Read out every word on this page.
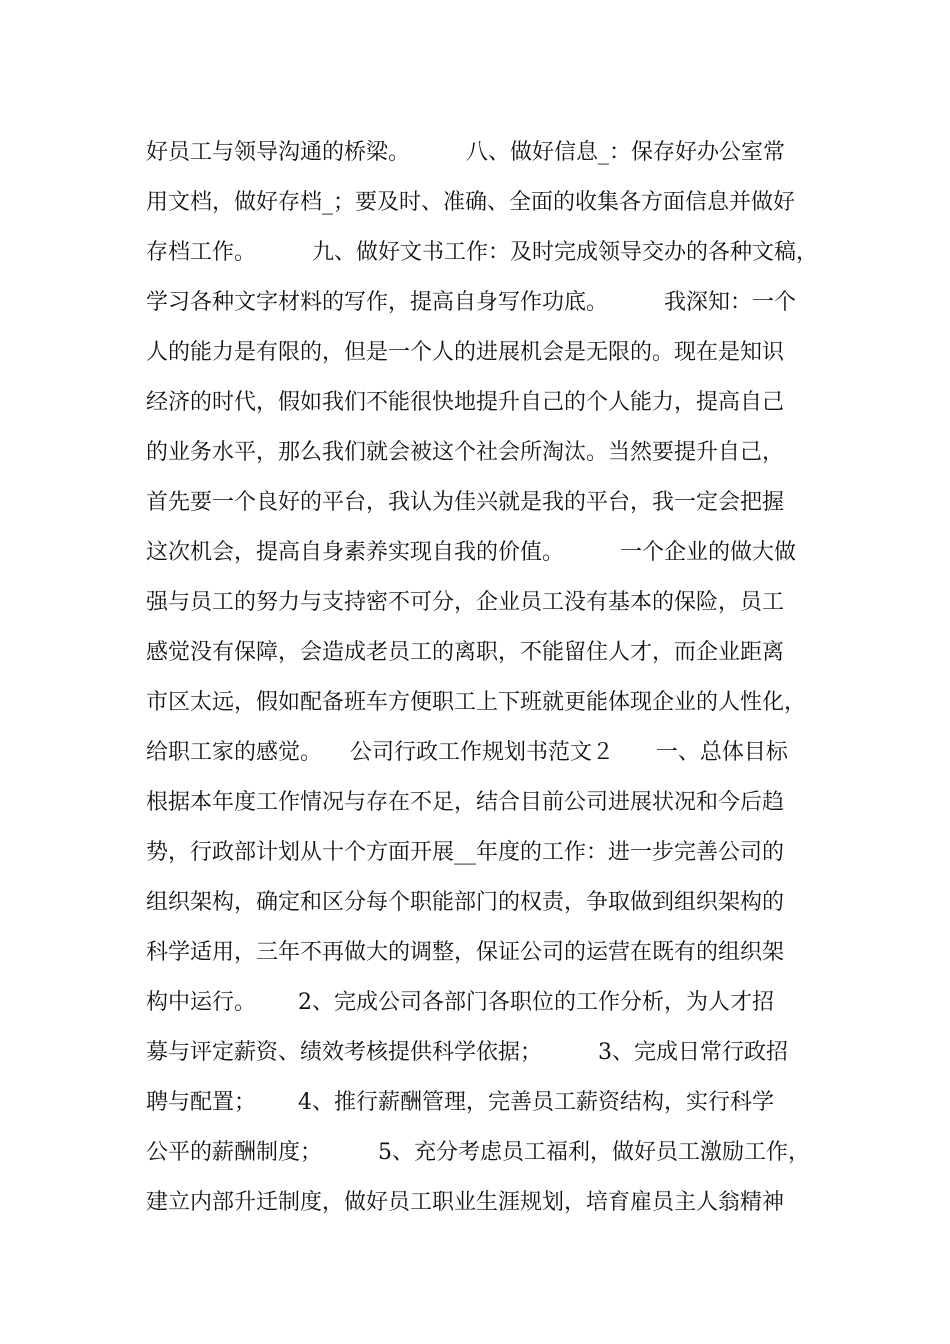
好员工与领导沟通的桥梁。        八、做好信息_：保存好办公室常
用文档，做好存档_；要及时、准确、全面的收集各方面信息并做好
存档工作。        九、做好文书工作：及时完成领导交办的各种文稿，
学习各种文字材料的写作，提高自身写作功底。        我深知：一个
人的能力是有限的，但是一个人的进展机会是无限的。现在是知识
经济的时代，假如我们不能很快地提升自己的个人能力，提高自己
的业务水平，那么我们就会被这个社会所淘汰。当然要提升自己，
首先要一个良好的平台，我认为佳兴就是我的平台，我一定会把握
这次机会，提高自身素养实现自我的价值。        一个企业的做大做
强与员工的努力与支持密不可分，企业员工没有基本的保险，员工
感觉没有保障，会造成老员工的离职，不能留住人才，而企业距离
市区太远，假如配备班车方便职工上下班就更能体现企业的人性化，
给职工家的感觉。    公司行政工作规划书范文２      一、总体目标
根据本年度工作情况与存在不足，结合目前公司进展状况和今后趋
势，行政部计划从十个方面开展__年度的工作：进一步完善公司的
组织架构，确定和区分每个职能部门的权责，争取做到组织架构的
科学适用，三年不再做大的调整，保证公司的运营在既有的组织架
构中运行。      2、完成公司各部门各职位的工作分析，为人才招
募与评定薪资、绩效考核提供科学依据；        3、完成日常行政招
聘与配置；      4、推行薪酬管理，完善员工薪资结构，实行科学
公平的薪酬制度；        5、充分考虑员工福利，做好员工激励工作，
建立内部升迁制度，做好员工职业生涯规划，培育雇员主人翁精神
